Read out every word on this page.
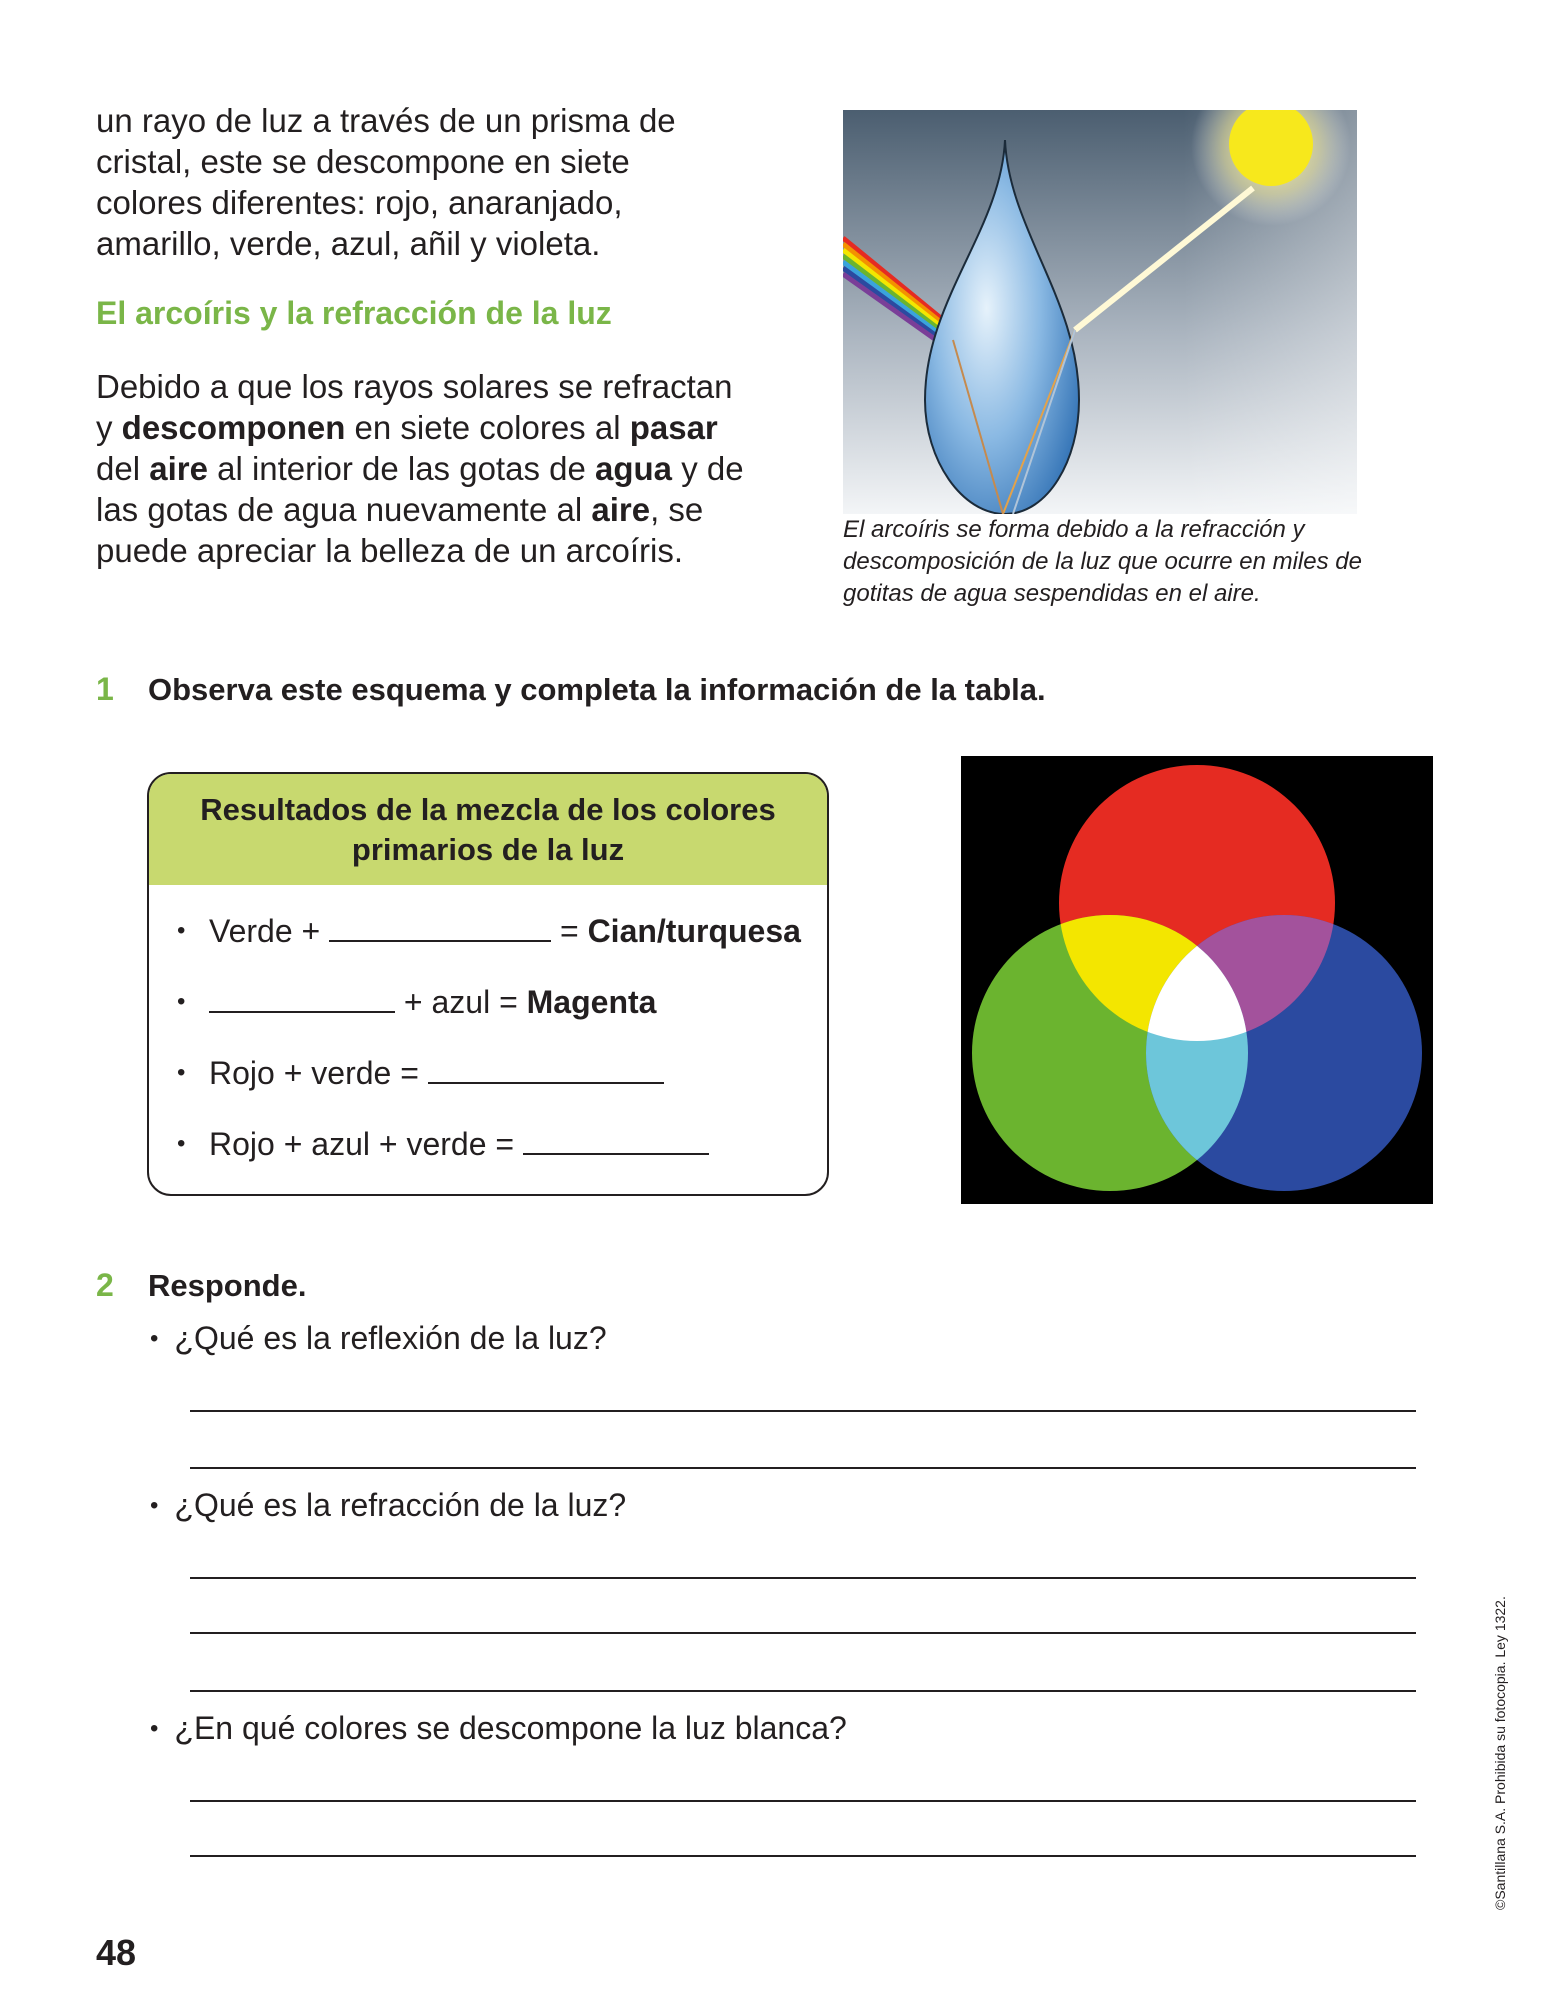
un rayo de luz a través de un prisma de cristal, este se descompone en siete colores diferentes: rojo, anaranjado, amarillo, verde, azul, añil y violeta.

El arcoíris y la refracción de la luz

Debido a que los rayos solares se refractan y descomponen en siete colores al pasar del aire al interior de las gotas de agua y de las gotas de agua nuevamente al aire, se puede apreciar la belleza de un arcoíris.

El arcoíris se forma debido a la refracción y descomposición de la luz que ocurre en miles de gotitas de agua sespendidas en el aire.

1 Observa este esquema y completa la información de la tabla.
Resultados de la mezcla de los colores primarios de la luz
• Verde +	= Cian/turquesa
• + azul = Magenta
• Rojo + verde =
• Rojo + azul + verde =
2 Responde.
• ¿Qué es la reflexión de la luz?
• ¿Qué es la refracción de la luz?
• ¿En qué colores se descompone la luz blanca?
48
©Santillana S.A. Prohibida su fotocopia. Ley 1322.
